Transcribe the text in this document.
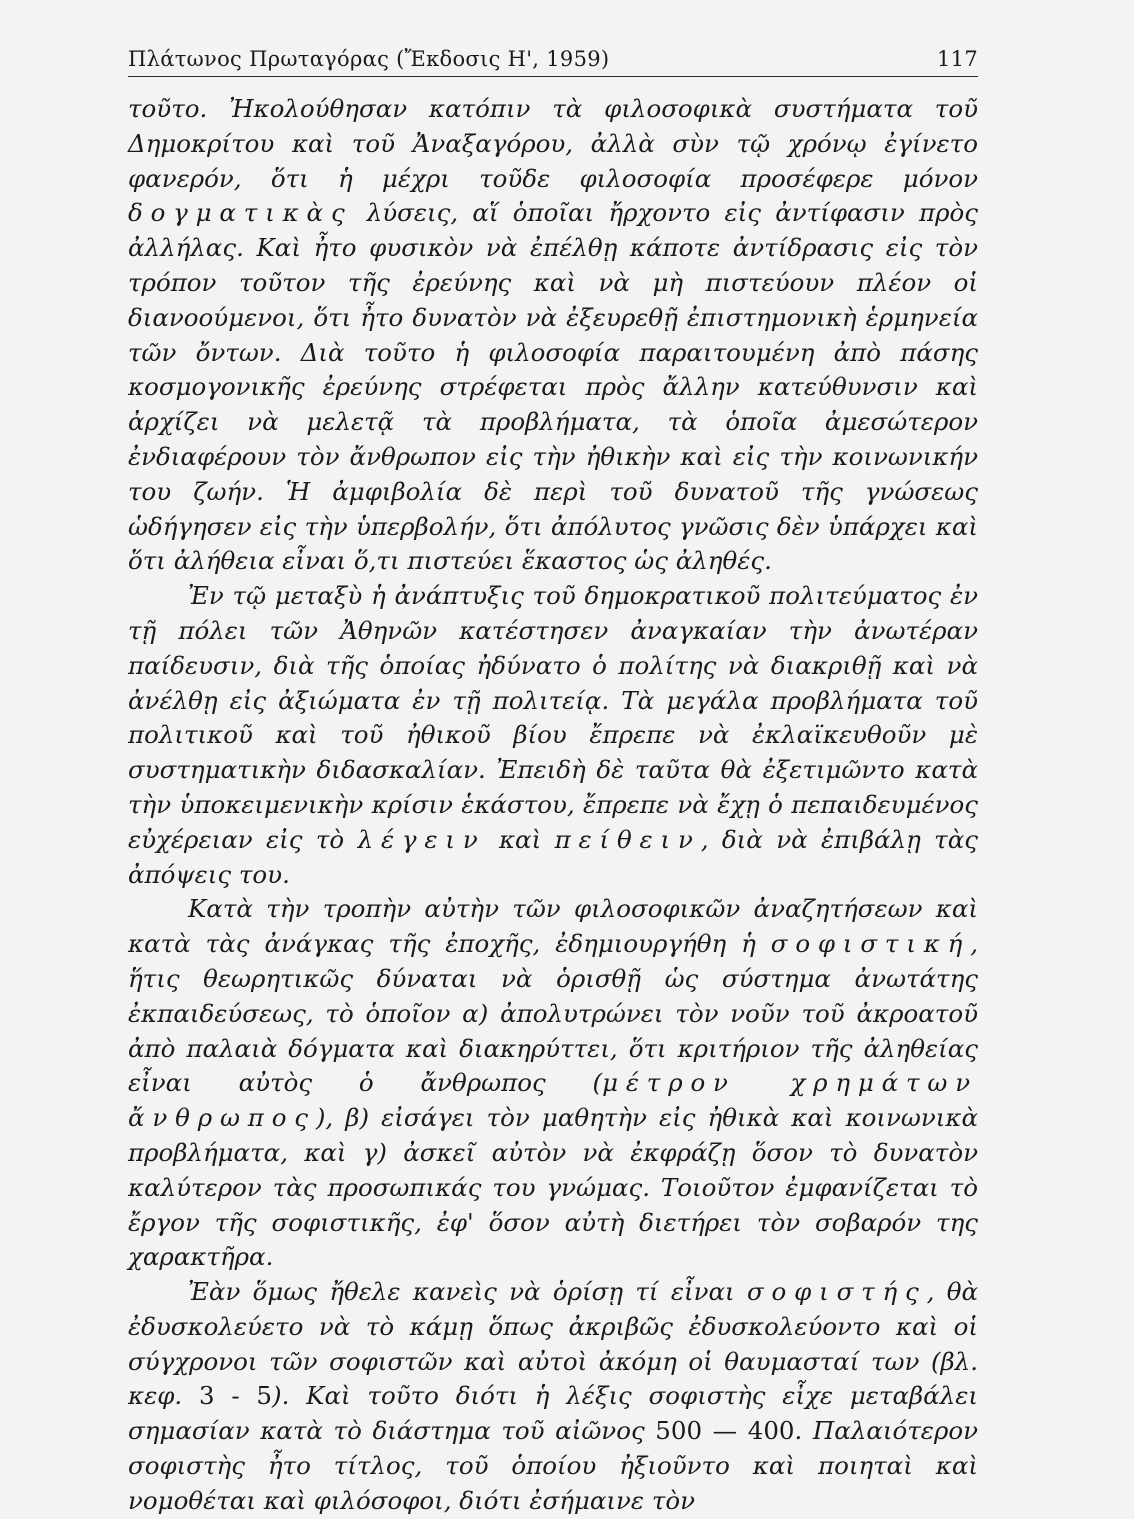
Πλάτωνος Πρωταγόρας (Ἔκδοσις Η', 1959)	117

τοῦτο. Ἠκολούθησαν κατόπιν τὰ φιλοσοφικὰ συστήματα τοῦ Δημοκρίτου καὶ τοῦ Ἀναξαγόρου, ἀλλὰ σὺν τῷ χρόνῳ ἐγίνετο φανερόν, ὅτι ἡ μέχρι τοῦδε φιλοσοφία προσέφερε μόνον δογματικὰς λύσεις, αἵ ὁποῖαι ἤρχοντο εἰς ἀντίφασιν πρὸς ἀλλήλας. Καὶ ἦτο φυσικὸν νὰ ἐπέλθῃ κάποτε ἀντίδρασις εἰς τὸν τρόπον τοῦτον τῆς ἐρεύνης καὶ νὰ μὴ πιστεύουν πλέον οἱ διανοούμενοι, ὅτι ἦτο δυνατὸν νὰ ἐξευρεθῇ ἐπιστημονικὴ ἑρμηνεία τῶν ὄντων. Διὰ τοῦτο ἡ φιλοσοφία παραιτουμένη ἀπὸ πάσης κοσμογονικῆς ἐρεύνης στρέφεται πρὸς ἄλλην κατεύθυνσιν καὶ ἀρχίζει νὰ μελετᾷ τὰ προβλήματα, τὰ ὁποῖα ἀμεσώτερον ἐνδιαφέρουν τὸν ἄνθρωπον εἰς τὴν ἠθικὴν καὶ εἰς τὴν κοινωνικήν του ζωήν. Ἡ ἀμφιβολία δὲ περὶ τοῦ δυνατοῦ τῆς γνώσεως ὡδήγησεν εἰς τὴν ὑπερβολήν, ὅτι ἀπόλυτος γνῶσις δὲν ὑπάρχει καὶ ὅτι ἀλήθεια εἶναι ὅ,τι πιστεύει ἕκαστος ὡς ἀληθές.

Ἐν τῷ μεταξὺ ἡ ἀνάπτυξις τοῦ δημοκρατικοῦ πολιτεύματος ἐν τῇ πόλει τῶν Ἀθηνῶν κατέστησεν ἀναγκαίαν τὴν ἀνωτέραν παίδευσιν, διὰ τῆς ὁποίας ἠδύνατο ὁ πολίτης νὰ διακριθῇ καὶ νὰ ἀνέλθῃ εἰς ἀξιώματα ἐν τῇ πολιτείᾳ. Τὰ μεγάλα προβλήματα τοῦ πολιτικοῦ καὶ τοῦ ἠθικοῦ βίου ἔπρεπε νὰ ἐκλαϊκευθοῦν μὲ συστηματικὴν διδασκαλίαν. Ἐπειδὴ δὲ ταῦτα θὰ ἐξετιμῶντο κατὰ τὴν ὑποκειμενικὴν κρίσιν ἑκάστου, ἔπρεπε νὰ ἔχῃ ὁ πεπαιδευμένος εὐχέρειαν εἰς τὸ λέγειν καὶ πείθειν, διὰ νὰ ἐπιβάλῃ τὰς ἀπόψεις του.

Κατὰ τὴν τροπὴν αὐτὴν τῶν φιλοσοφικῶν ἀναζητήσεων καὶ κατὰ τὰς ἀνάγκας τῆς ἐποχῆς, ἐδημιουργήθη ἡ σοφιστική, ἥτις θεωρητικῶς δύναται νὰ ὁρισθῇ ὡς σύστημα ἀνωτάτης ἐκπαιδεύσεως, τὸ ὁποῖον α) ἀπολυτρώνει τὸν νοῦν τοῦ ἀκροατοῦ ἀπὸ παλαιὰ δόγματα καὶ διακηρύττει, ὅτι κριτήριον τῆς ἀληθείας εἶναι αὐτὸς ὁ ἄνθρωπος (μέτρον χρημάτων ἄνθρωπος), β) εἰσάγει τὸν μαθητὴν εἰς ἠθικὰ καὶ κοινωνικὰ προβλήματα, καὶ γ) ἀσκεῖ αὐτὸν νὰ ἐκφράζῃ ὅσον τὸ δυνατὸν καλύτερον τὰς προσωπικάς του γνώμας. Τοιοῦτον ἐμφανίζεται τὸ ἔργον τῆς σοφιστικῆς, ἐφ' ὅσον αὐτὴ διετήρει τὸν σοβαρόν της χαρακτῆρα.

Ἐὰν ὅμως ἤθελε κανεὶς νὰ ὁρίσῃ τί εἶναι σοφιστής, θὰ ἐδυσκολεύετο νὰ τὸ κάμῃ ὅπως ἀκριβῶς ἐδυσκολεύοντο καὶ οἱ σύγχρονοι τῶν σοφιστῶν καὶ αὐτοὶ ἀκόμη οἱ θαυμασταί των (βλ. κεφ. 3 - 5). Καὶ τοῦτο διότι ἡ λέξις σοφιστὴς εἶχε μεταβάλει σημασίαν κατὰ τὸ διάστημα τοῦ αἰῶνος 500 — 400. Παλαιότερον σοφιστὴς ἦτο τίτλος, τοῦ ὁποίου ἠξιοῦντο καὶ ποιηταὶ καὶ νομοθέται καὶ φιλόσοφοι, διότι ἐσήμαινε τὸν
